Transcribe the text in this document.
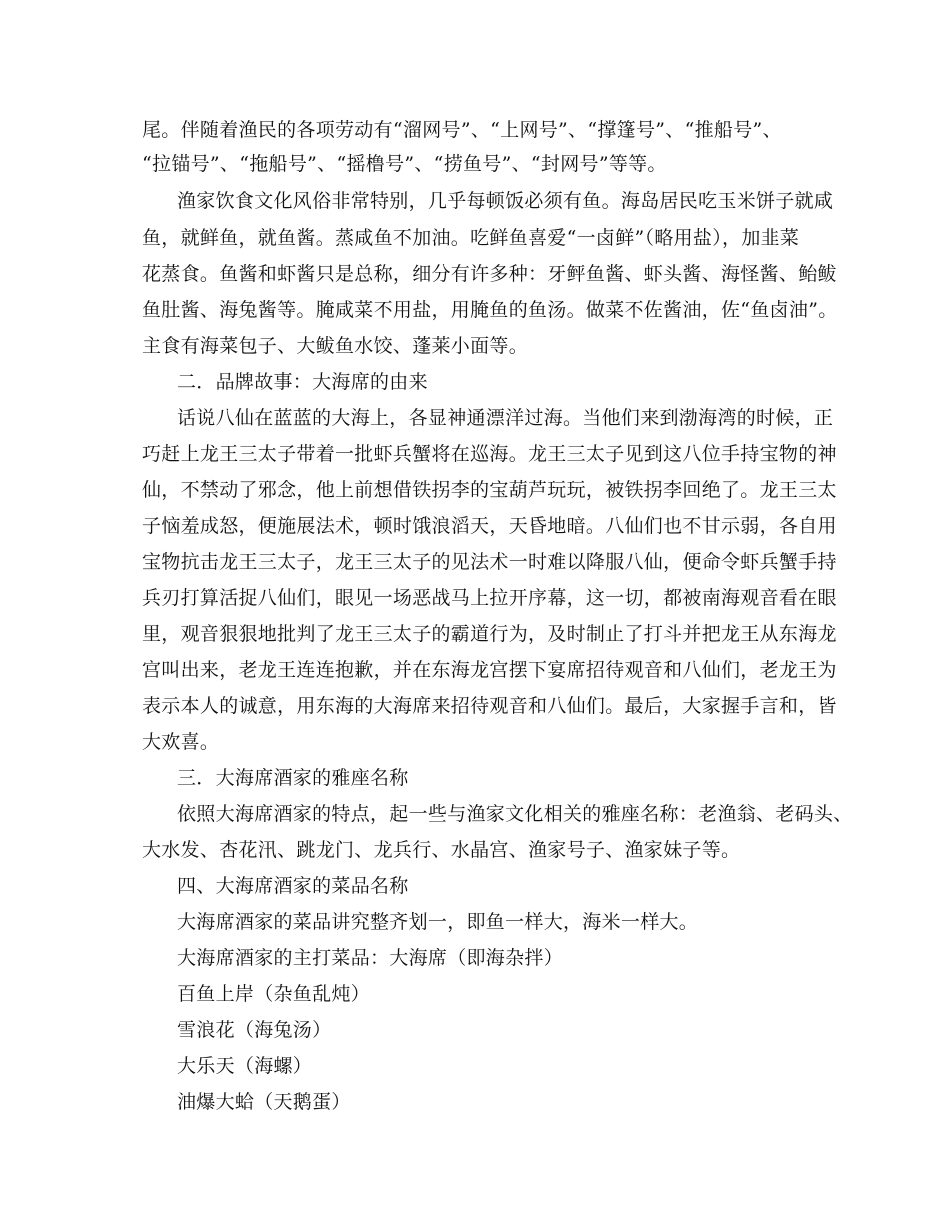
尾。伴随着渔民的各项劳动有“溜网号”、“上网号”、“撑篷号”、“推船号”、
“拉锚号”、“拖船号”、“摇橹号”、“捞鱼号”、“封网号”等等。
渔家饮食文化风俗非常特别，几乎每顿饭必须有鱼。海岛居民吃玉米饼子就咸
鱼，就鲜鱼，就鱼酱。蒸咸鱼不加油。吃鲜鱼喜爱“一卤鲜”（略用盐），加韭菜
花蒸食。鱼酱和虾酱只是总称，细分有许多种：牙鲆鱼酱、虾头酱、海怪酱、鲐鲅
鱼肚酱、海兔酱等。腌咸菜不用盐，用腌鱼的鱼汤。做菜不佐酱油，佐“鱼卤油”。
主食有海菜包子、大鲅鱼水饺、蓬莱小面等。
二．品牌故事：大海席的由来
话说八仙在蓝蓝的大海上，各显神通漂洋过海。当他们来到渤海湾的时候，正
巧赶上龙王三太子带着一批虾兵蟹将在巡海。龙王三太子见到这八位手持宝物的神
仙，不禁动了邪念，他上前想借铁拐李的宝葫芦玩玩，被铁拐李回绝了。龙王三太
子恼羞成怒，便施展法术，顿时饿浪滔天，天昏地暗。八仙们也不甘示弱，各自用
宝物抗击龙王三太子，龙王三太子的见法术一时难以降服八仙，便命令虾兵蟹手持
兵刃打算活捉八仙们，眼见一场恶战马上拉开序幕，这一切，都被南海观音看在眼
里，观音狠狠地批判了龙王三太子的霸道行为，及时制止了打斗并把龙王从东海龙
宫叫出来，老龙王连连抱歉，并在东海龙宫摆下宴席招待观音和八仙们，老龙王为
表示本人的诚意，用东海的大海席来招待观音和八仙们。最后，大家握手言和，皆
大欢喜。
三．大海席酒家的雅座名称
依照大海席酒家的特点，起一些与渔家文化相关的雅座名称：老渔翁、老码头、
大水发、杏花汛、跳龙门、龙兵行、水晶宫、渔家号子、渔家妹子等。
四、大海席酒家的菜品名称
大海席酒家的菜品讲究整齐划一，即鱼一样大，海米一样大。
大海席酒家的主打菜品：大海席（即海杂拌）
百鱼上岸（杂鱼乱炖）
雪浪花（海兔汤）
大乐天（海螺）
油爆大蛤（天鹅蛋）
